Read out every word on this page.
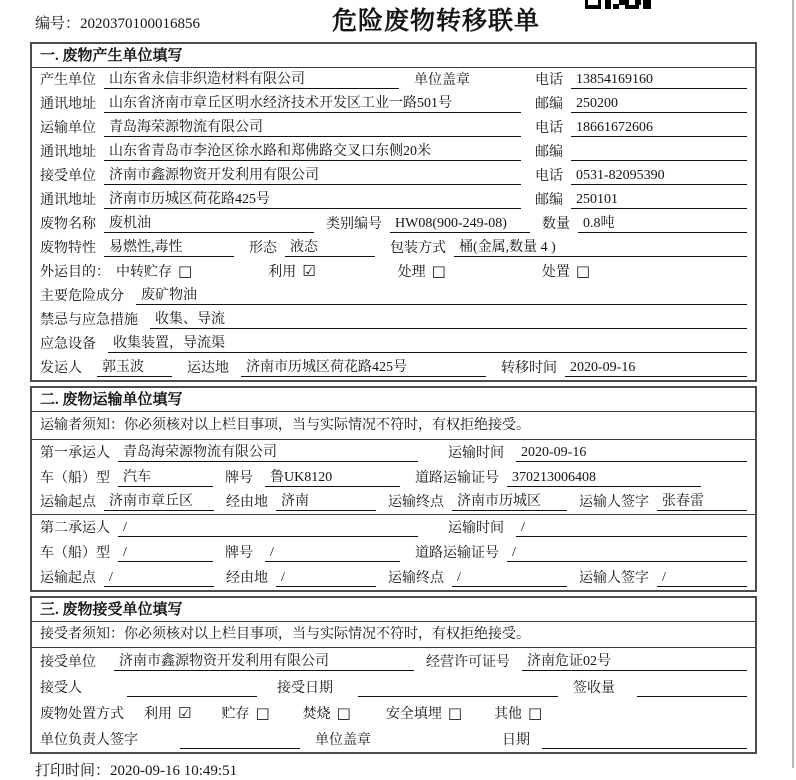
编号：2020370100016856	危险废物转移联单
一. 废物产生单位填写
产生单位 山东省永信非织造材料有限公司	单位盖章	电话 13854169160
通讯地址 山东省济南市章丘区明水经济技术开发区工业一路501号	邮编 250200
运输单位 青岛海荣源物流有限公司	电话 18661672606
通讯地址 山东省青岛市李沧区徐水路和郑佛路交叉口东侧20米	邮编
接受单位 济南市鑫源物资开发利用有限公司	电话 0531-82095390
通讯地址 济南市历城区荷花路425号	邮编 250101
废物名称 废机油	类别编号 HW08(900-249-08)	数量 0.8吨
废物特性 易燃性,毒性	形态 液态	包装方式 桶(金属,数量 4 )
外运目的： 中转贮存 □	利用 ☑	处理 □	处置 □
主要危险成分	废矿物油
禁忌与应急措施	收集、导流
应急设备	收集装置，导流渠
发运人	郭玉波	运达地	济南市历城区荷花路425号	转移时间 2020-09-16
二. 废物运输单位填写
运输者须知：你必须核对以上栏目事项，当与实际情况不符时，有权拒绝接受。
第一承运人 青岛海荣源物流有限公司	运输时间	2020-09-16
车（船）型 汽车	牌号	鲁UK8120	道路运输证号 370213006408
运输起点 济南市章丘区	经由地 济南	运输终点 济南市历城区	运输人签字 张春雷
第二承运人 /	运输时间	/
车（船）型 /	牌号	/	道路运输证号 /
运输起点 /	经由地 /	运输终点 /	运输人签字 /
三. 废物接受单位填写
接受者须知：你必须核对以上栏目事项，当与实际情况不符时，有权拒绝接受。
接受单位	济南市鑫源物资开发利用有限公司	经营许可证号	济南危证02号
接受人	接受日期	签收量
废物处置方式 利用 ☑ 贮存 □ 焚烧 □	安全填埋 □ 其他 □
单位负责人签字	单位盖章	日期
打印时间：2020-09-16 10:49:51
